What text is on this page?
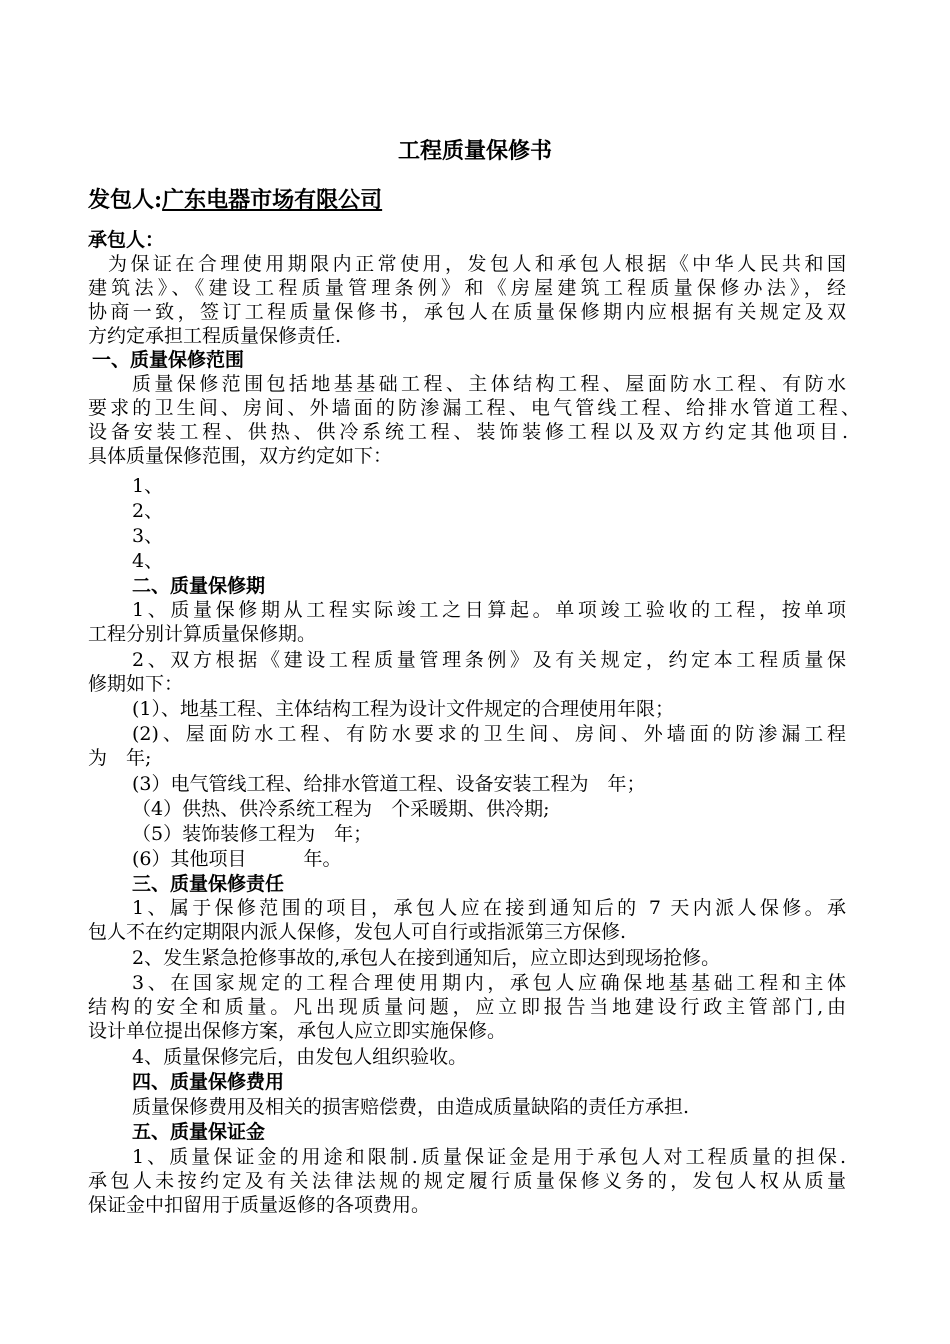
工程质量保修书
发包人:广东电器市场有限公司
承包人：
为保证在合理使用期限内正常使用，发包人和承包人根据《中华人民共和国
建筑法》、《建设工程质量管理条例》和《房屋建筑工程质量保修办法》，经
协商一致，签订工程质量保修书，承包人在质量保修期内应根据有关规定及双
方约定承担工程质量保修责任.
一、质量保修范围
质量保修范围包括地基基础工程、主体结构工程、屋面防水工程、有防水
要求的卫生间、房间、外墙面的防渗漏工程、电气管线工程、给排水管道工程、
设备安装工程、供热、供冷系统工程、装饰装修工程以及双方约定其他项目.
具体质量保修范围，双方约定如下：
1、
2、
3、
4、
二、质量保修期
1、质量保修期从工程实际竣工之日算起。单项竣工验收的工程，按单项
工程分别计算质量保修期。
2、双方根据《建设工程质量管理条例》及有关规定，约定本工程质量保
修期如下：
(1）、地基工程、主体结构工程为设计文件规定的合理使用年限；
(2)、屋面防水工程、有防水要求的卫生间、房间、外墙面的防渗漏工程
为　年;
(3）电气管线工程、给排水管道工程、设备安装工程为　年；
（4）供热、供冷系统工程为　个采暖期、供冷期;
（5）装饰装修工程为　年；
(6）其他项目　　　年。
三、质量保修责任
1、属于保修范围的项目，承包人应在接到通知后的 7 天内派人保修。承
包人不在约定期限内派人保修，发包人可自行或指派第三方保修.
2、发生紧急抢修事故的,承包人在接到通知后，应立即达到现场抢修。
3、在国家规定的工程合理使用期内，承包人应确保地基基础工程和主体
结构的安全和质量。凡出现质量问题，应立即报告当地建设行政主管部门,由
设计单位提出保修方案，承包人应立即实施保修。
4、质量保修完后，由发包人组织验收。
四、质量保修费用
质量保修费用及相关的损害赔偿费，由造成质量缺陷的责任方承担.
五、质量保证金
1、质量保证金的用途和限制.质量保证金是用于承包人对工程质量的担保.
承包人未按约定及有关法律法规的规定履行质量保修义务的，发包人权从质量
保证金中扣留用于质量返修的各项费用。
